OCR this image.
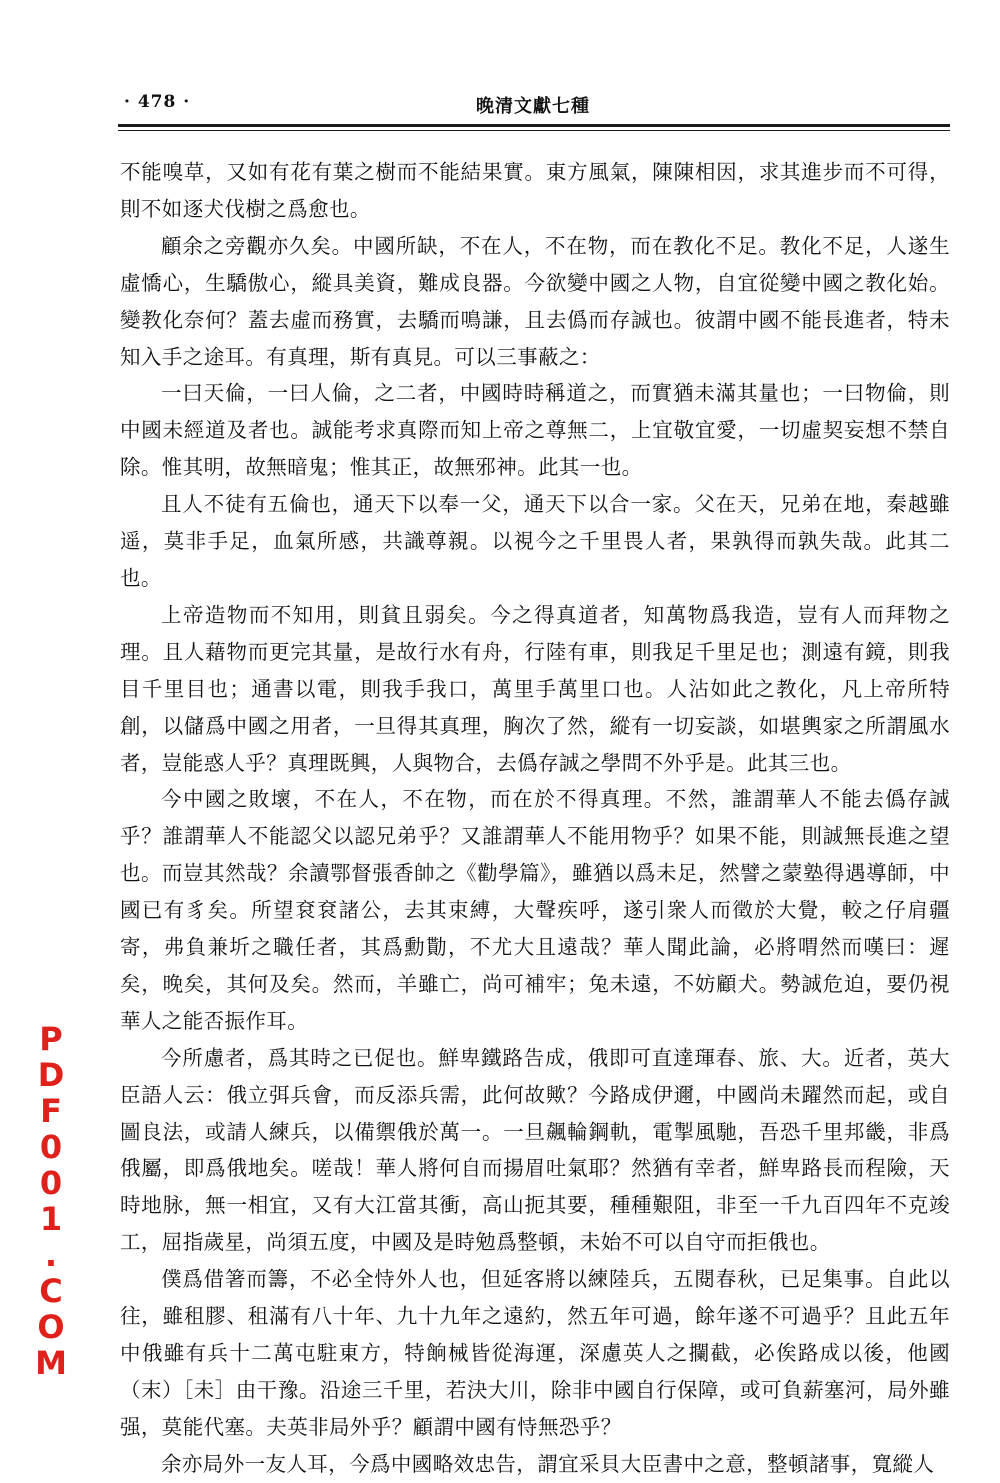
· 478 ·	晚清文獻七種

不能嗅草，又如有花有葉之樹而不能結果實。東方風氣，陳陳相因，求其進步而不可得，則不如逐犬伐樹之爲愈也。

顧余之旁觀亦久矣。中國所缺，不在人，不在物，而在教化不足。教化不足，人遂生虛憍心，生驕傲心，縱具美資，難成良器。今欲變中國之人物，自宜從變中國之教化始。變教化奈何？蓋去虛而務實，去驕而鳴謙，且去僞而存誠也。彼謂中國不能長進者，特未知入手之途耳。有真理，斯有真見。可以三事蔽之：

一曰天倫，一曰人倫，之二者，中國時時稱道之，而實猶未滿其量也；一曰物倫，則中國未經道及者也。誠能考求真際而知上帝之尊無二，上宜敬宜愛，一切虛契妄想不禁自除。惟其明，故無暗鬼；惟其正，故無邪神。此其一也。

且人不徒有五倫也，通天下以奉一父，通天下以合一家。父在天，兄弟在地，秦越雖遥，莫非手足，血氣所感，共識尊親。以視今之千里畏人者，果孰得而孰失哉。此其二也。

上帝造物而不知用，則貧且弱矣。今之得真道者，知萬物爲我造，豈有人而拜物之理。且人藉物而更完其量，是故行水有舟，行陸有車，則我足千里足也；測遠有鏡，則我目千里目也；通書以電，則我手我口，萬里手萬里口也。人沾如此之教化，凡上帝所特創，以儲爲中國之用者，一旦得其真理，胸次了然，縱有一切妄談，如堪輿家之所謂風水者，豈能惑人乎？真理既興，人與物合，去僞存誠之學問不外乎是。此其三也。

今中國之敗壞，不在人，不在物，而在於不得真理。不然，誰謂華人不能去僞存誠乎？誰謂華人不能認父以認兄弟乎？又誰謂華人不能用物乎？如果不能，則誠無長進之望也。而豈其然哉？余讀鄂督張香帥之《勸學篇》，雖猶以爲未足，然譬之蒙塾得遇導師，中國已有豸矣。所望袞袞諸公，去其束縛，大聲疾呼，遂引衆人而徵於大覺，較之仔肩疆寄，弗負兼圻之職任者，其爲勳勩，不尤大且遠哉？華人聞此論，必將喟然而嘆曰：遲矣，晚矣，其何及矣。然而，羊雖亡，尚可補牢；兔未遠，不妨顧犬。勢誠危迫，要仍視華人之能否振作耳。

今所慮者，爲其時之已促也。鮮卑鐵路告成，俄即可直達琿春、旅、大。近者，英大臣語人云：俄立弭兵會，而反添兵需，此何故歟？今路成伊邇，中國尚未躍然而起，或自圖良法，或請人練兵，以備禦俄於萬一。一旦飆輪鋼軌，電掣風馳，吾恐千里邦畿，非爲俄屬，即爲俄地矣。嗟哉！華人將何自而揚眉吐氣耶？然猶有幸者，鮮卑路長而程險，天時地脉，無一相宜，又有大江當其衝，高山扼其要，種種艱阻，非至一千九百四年不克竣工，屈指歲星，尚須五度，中國及是時勉爲整頓，未始不可以自守而拒俄也。

僕爲借箸而籌，不必全恃外人也，但延客將以練陸兵，五閱春秋，已足集事。自此以往，雖租膠、租滿有八十年、九十九年之遠約，然五年可過，餘年遂不可過乎？且此五年中俄雖有兵十二萬屯駐東方，特餉械皆從海運，深慮英人之攔截，必俟路成以後，他國（末）［未］由干豫。沿途三千里，若決大川，除非中國自行保障，或可負薪塞河，局外雖强，莫能代塞。夫英非局外乎？顧謂中國有恃無恐乎？

余亦局外一友人耳，今爲中國略效忠告，謂宜采貝大臣書中之意，整頓諸事，寬縱人

PDF001.COM
